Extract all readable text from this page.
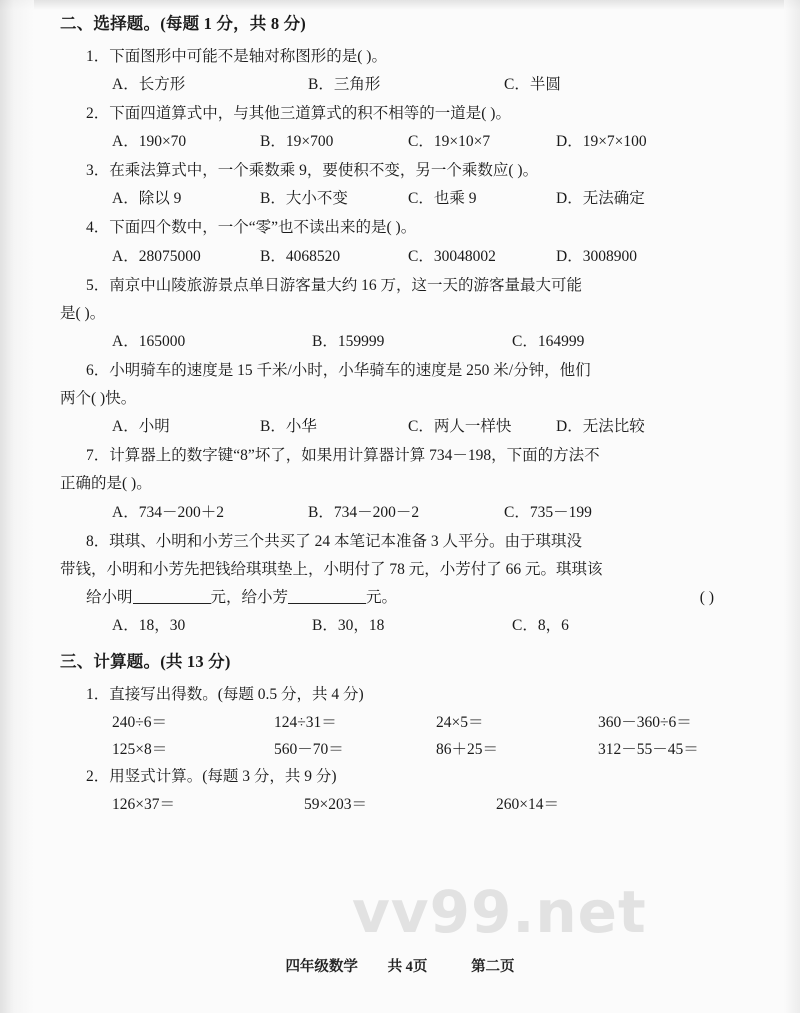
二、选择题。(每题 1 分，共 8 分)

1．下面图形中可能不是轴对称图形的是( )。

A．长方形	B．三角形	C．半圆

2．下面四道算式中，与其他三道算式的积不相等的一道是( )。

A．190×70	B．19×700	C．19×10×7	D．19×7×100

3．在乘法算式中，一个乘数乘 9，要使积不变，另一个乘数应( )。

A．除以 9	B．大小不变	C．也乘 9	D．无法确定

4．下面四个数中，一个“零”也不读出来的是( )。

A．28075000	B．4068520	C．30048002	D．3008900

5．南京中山陵旅游景点单日游客量大约 16 万，这一天的游客量最大可能

是( )。

A．165000	B．159999	C．164999

6．小明骑车的速度是 15 千米/小时，小华骑车的速度是 250 米/分钟，他们

两个( )快。

A．小明	B．小华	C．两人一样快	D．无法比较

7．计算器上的数字键“8”坏了，如果用计算器计算 734－198，下面的方法不

正确的是( )。

A．734－200＋2	B．734－200－2	C．735－199

8．琪琪、小明和小芳三个共买了 24 本笔记本准备 3 人平分。由于琪琪没

带钱，小明和小芳先把钱给琪琪垫上，小明付了 78 元，小芳付了 66 元。琪琪该

给小明	元，给小芳	元。	( )

A．18，30	B．30，18	C．8，6

三、计算题。(共 13 分)

1．直接写出得数。(每题 0.5 分，共 4 分)

240÷6＝	124÷31＝	24×5＝	360－360÷6＝
125×8＝	560－70＝	86＋25＝	312－55－45＝

2．用竖式计算。(每题 3 分，共 9 分)

126×37＝	59×203＝	260×14＝
vv99.net
四年级数学 共 4页	第二页
